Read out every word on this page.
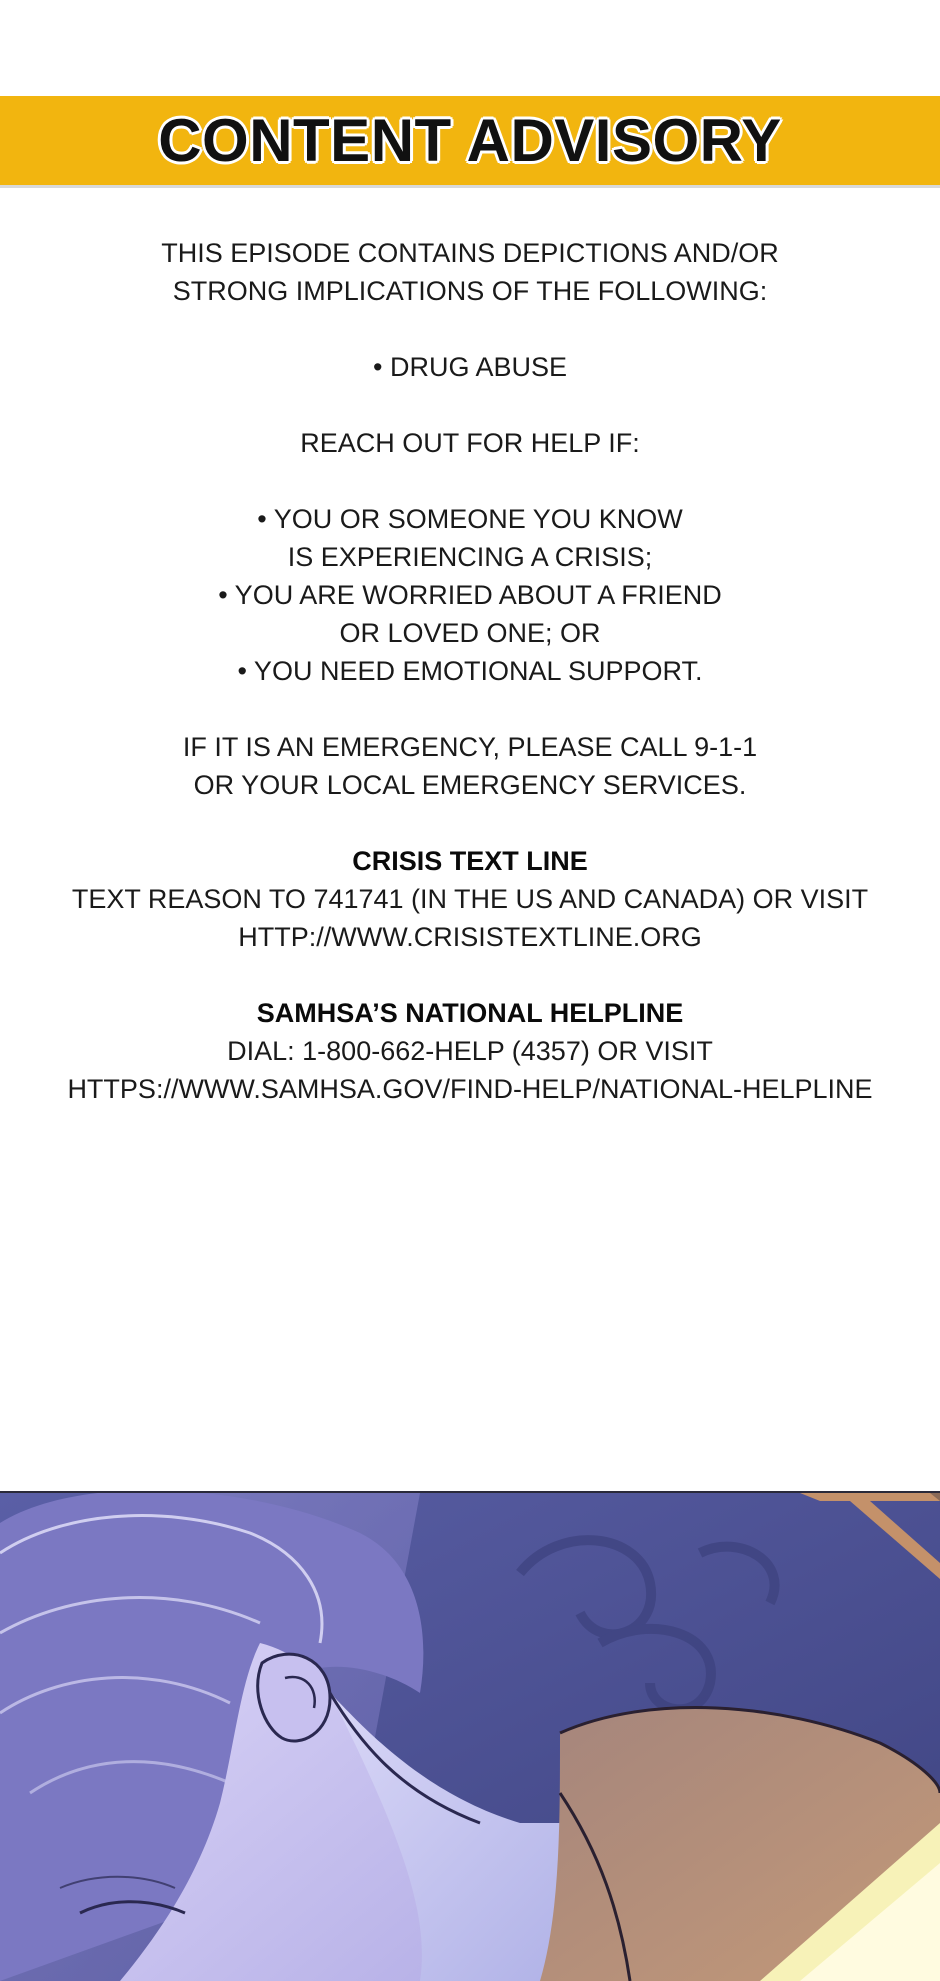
CONTENT ADVISORY
THIS EPISODE CONTAINS DEPICTIONS AND/OR
STRONG IMPLICATIONS OF THE FOLLOWING:
• DRUG ABUSE
REACH OUT FOR HELP IF:
• YOU OR SOMEONE YOU KNOW
IS EXPERIENCING A CRISIS;
• YOU ARE WORRIED ABOUT A FRIEND
OR LOVED ONE; OR
• YOU NEED EMOTIONAL SUPPORT.
IF IT IS AN EMERGENCY, PLEASE CALL 9-1-1
OR YOUR LOCAL EMERGENCY SERVICES.
CRISIS TEXT LINE
TEXT REASON TO 741741 (IN THE US AND CANADA) OR VISIT
HTTP://WWW.CRISISTEXTLINE.ORG
SAMHSA’S NATIONAL HELPLINE
DIAL: 1-800-662-HELP (4357) OR VISIT
HTTPS://WWW.SAMHSA.GOV/FIND-HELP/NATIONAL-HELPLINE
